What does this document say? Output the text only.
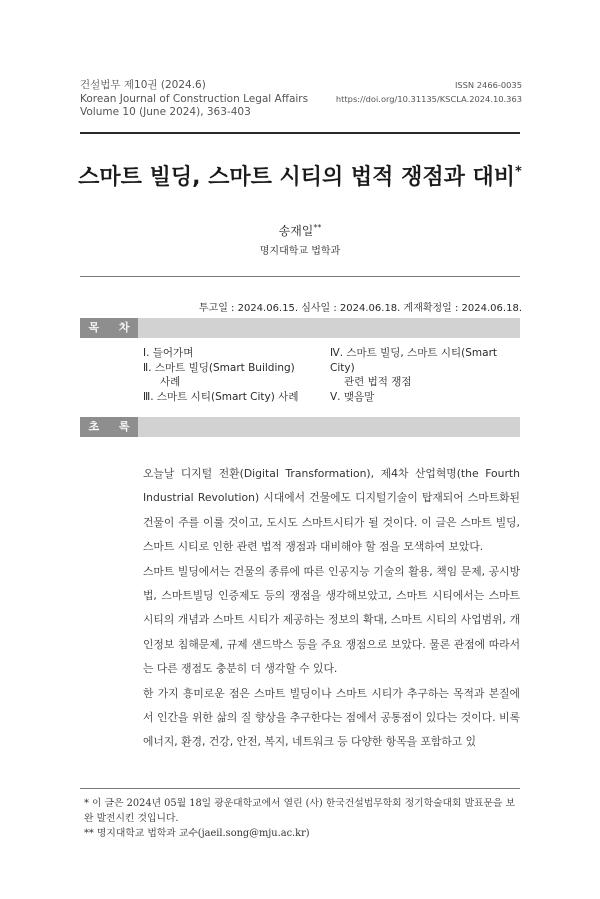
건설법무 제10권 (2024.6)
Korean Journal of Construction Legal Affairs
Volume 10 (June 2024), 363-403
ISSN 2466-0035
https://doi.org/10.31135/KSCLA.2024.10.363
스마트 빌딩, 스마트 시티의 법적 쟁점과 대비*
송재일**
명지대학교 법학과
투고일 : 2024.06.15. 심사일 : 2024.06.18. 게재확정일 : 2024.06.18.
목 차
Ⅰ. 들어가며
Ⅱ. 스마트 빌딩(Smart Building)
사례
Ⅲ. 스마트 시티(Smart City) 사례
Ⅳ. 스마트 빌딩, 스마트 시티(Smart City)
관련 법적 쟁점
Ⅴ. 맺음말
초 록

오늘날 디지털 전환(Digital Transformation), 제4차 산업혁명(the Fourth Industrial Revolution) 시대에서 건물에도 디지털기술이 탑재되어 스마트화된 건물이 주를 이룰 것이고, 도시도 스마트시티가 될 것이다. 이 글은 스마트 빌딩, 스마트 시티로 인한 관련 법적 쟁점과 대비해야 할 점을 모색하여 보았다.

스마트 빌딩에서는 건물의 종류에 따른 인공지능 기술의 활용, 책임 문제, 공시방법, 스마트빌딩 인증제도 등의 쟁점을 생각해보았고, 스마트 시티에서는 스마트 시티의 개념과 스마트 시티가 제공하는 정보의 확대, 스마트 시티의 사업범위, 개인정보 침해문제, 규제 샌드박스 등을 주요 쟁점으로 보았다. 물론 관점에 따라서는 다른 쟁점도 충분히 더 생각할 수 있다.

한 가지 흥미로운 점은 스마트 빌딩이나 스마트 시티가 추구하는 목적과 본질에서 인간을 위한 삶의 질 향상을 추구한다는 점에서 공통점이 있다는 것이다. 비록 에너지, 환경, 건강, 안전, 복지, 네트워크 등 다양한 항목을 포함하고 있

* 이 글은 2024년 05월 18일 광운대학교에서 열린 (사) 한국건설법무학회 정기학술대회 발표문을 보완 발전시킨 것입니다.

** 명지대학교 법학과 교수(jaeil.song@mju.ac.kr)
